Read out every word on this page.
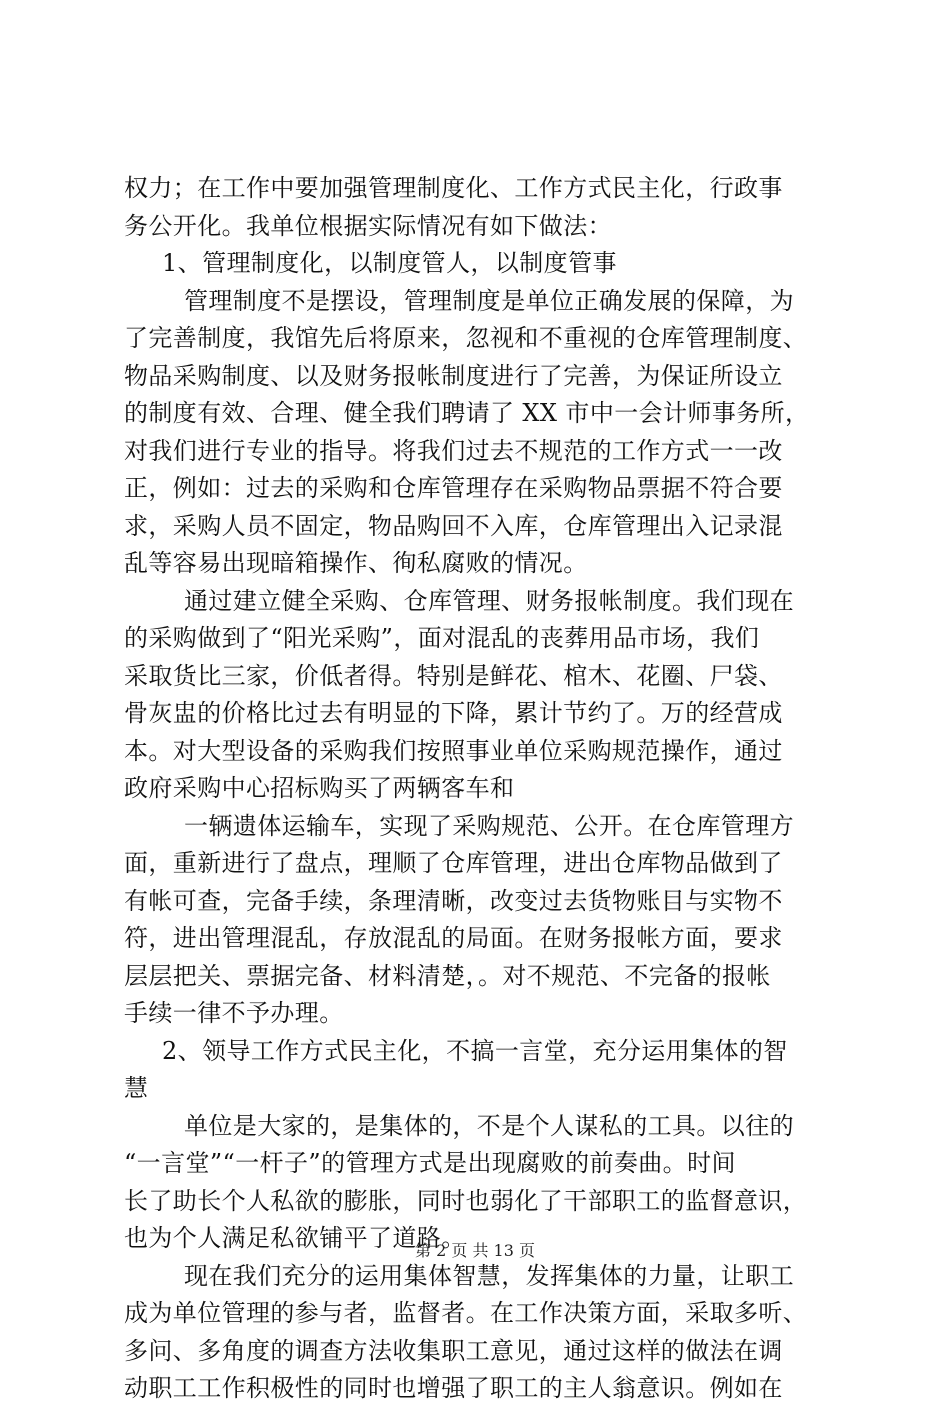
权力；在工作中要加强管理制度化、工作方式民主化，行政事
务公开化。我单位根据实际情况有如下做法：
1、管理制度化，以制度管人，以制度管事
管理制度不是摆设，管理制度是单位正确发展的保障，为
了完善制度，我馆先后将原来，忽视和不重视的仓库管理制度、
物品采购制度、以及财务报帐制度进行了完善，为保证所设立
的制度有效、合理、健全我们聘请了 XX 市中一会计师事务所，
对我们进行专业的指导。将我们过去不规范的工作方式一一改
正，例如：过去的采购和仓库管理存在采购物品票据不符合要
求，采购人员不固定，物品购回不入库，仓库管理出入记录混
乱等容易出现暗箱操作、徇私腐败的情况。
通过建立健全采购、仓库管理、财务报帐制度。我们现在
的采购做到了“阳光采购”，面对混乱的丧葬用品市场，我们
采取货比三家，价低者得。特别是鲜花、棺木、花圈、尸袋、
骨灰盅的价格比过去有明显的下降，累计节约了。万的经营成
本。对大型设备的采购我们按照事业单位采购规范操作，通过
政府采购中心招标购买了两辆客车和
一辆遗体运输车，实现了采购规范、公开。在仓库管理方
面，重新进行了盘点，理顺了仓库管理，进出仓库物品做到了
有帐可查，完备手续，条理清晰，改变过去货物账目与实物不
符，进出管理混乱，存放混乱的局面。在财务报帐方面，要求
层层把关、票据完备、材料清楚，。对不规范、不完备的报帐
手续一律不予办理。
2、领导工作方式民主化，不搞一言堂，充分运用集体的智
慧
单位是大家的，是集体的，不是个人谋私的工具。以往的
“一言堂”“一杆子”的管理方式是出现腐败的前奏曲。时间
长了助长个人私欲的膨胀，同时也弱化了干部职工的监督意识，
也为个人满足私欲铺平了道路。
现在我们充分的运用集体智慧，发挥集体的力量，让职工
成为单位管理的参与者，监督者。在工作决策方面，采取多听、
多问、多角度的调查方法收集职工意见，通过这样的做法在调
动职工工作积极性的同时也增强了职工的主人翁意识。例如在
第 2 页 共 13 页
